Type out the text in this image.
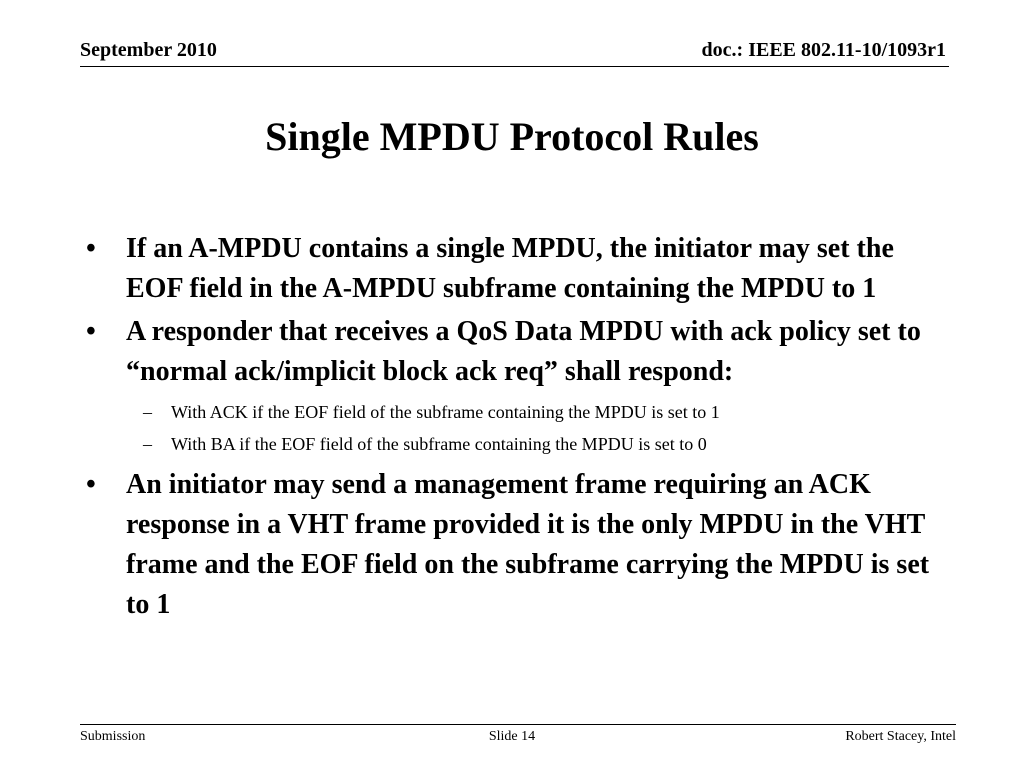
September 2010	doc.: IEEE 802.11-10/1093r1
Single MPDU Protocol Rules
• If an A-MPDU contains a single MPDU, the initiator may set the EOF field in the A-MPDU subframe containing the MPDU to 1
• A responder that receives a QoS Data MPDU with ack policy set to “normal ack/implicit block ack req” shall respond:
– With ACK if the EOF field of the subframe containing the MPDU is set to 1
– With BA if the EOF field of the subframe containing the MPDU is set to 0
• An initiator may send a management frame requiring an ACK response in a VHT frame provided it is the only MPDU in the VHT frame and the EOF field on the subframe carrying the MPDU is set to 1
Submission	Slide 14	Robert Stacey, Intel
